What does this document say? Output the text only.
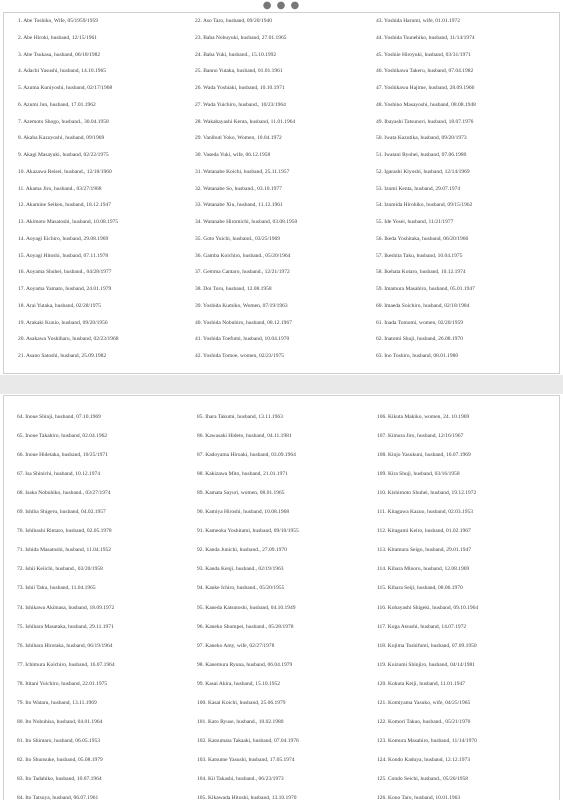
● ● ●
1. Abe Toshiko, Wife, 05/1959/1959
2. Abe Hiroki, husband, 12/15/1961
3. Abe Tsukasa, husband, 06/18/1982
4. Adachi Yasushi, husband, 14.10.1965
5. Azuma Kuniyoshi, husband, 02/17/1968
6. Azumi Jun, husband, 17.01.1962
7. Azemoto Shogo, husband., 30.04.1958
8. Akaba Kazuyoshi, husband, 09/1969
9. Akagi Masayuki, husband, 02/22/1975
10. Akazawa Reisei, husband., 12/18/1960
11. Akama Jiro, husband., 03/27/1968
12. Akamine Seiken, husband, 18.12.1947
13. Akimoto Masatoshi, husband, 10.08.1975
14. Aoyagi Eichiro, husband, 29.08.1969
15. Aoyagi Hitoshi, husband, 07.11.1978
16. Aoyama Shuhei, husband., 04/28/1977
17. Aoyama Yamato, husband, 24.01.1979
18. Arai Yutaka, husband, 02/28/1975
19. Arakaki Kunio, husband, 09/20/1956
20. Asakawa Yoshiharu, husband, 02/23/1968
21. Asano Satoshi, husband, 25.09.1982
22. Aso Taro, husband, 09/20/1940
23. Baba Nobuyuki, husband, 27.01.1965
24. Baba Yuki, husband., 15.10.1992
25. Banno Yutaka, husband, 01.01.1961
26. Wada Yoshiaki, husband, 10.10.1971
27. Wada Yuichiro, husband., 10/23/1964
28. Wakabayashi Kenta, husband, 11.01.1964
29. Vanibuti Yoko, Women, 10.04.1972
30. Vaseda Yuki, wife, 06.12.1958
31. Watanabe Koichi, husband, 25.11.1957
32. Watanabe So, husband., 03.10.1977
33. Watanabe Xiu, husband, 11.12.1961
34. Watanabe Hiromichi, husband, 03.08.1950
35. Goto Yuichi, husband., 03/25/1969
36. Gamba Koichiro, husband., 05/20/1964
37. Gemma Cantaro, husband., 12/21/1972
38. Doi Toru, husband, 12.08.1958
39. Yoshida Kumiko, Women, 07/19/1963
40. Yoshida Nobuhiro, husband, 08.12.1967
41. Yoshida Toefumi, husband, 10.04.1970
42. Yoshida Tomoe, women, 02/23/1975
43. Yoshida Harumi, wife, 01.01.1972
44. Yoshida Tsunehiko, husband, 11/14/1974
45. Yoshiie Hiroyuki, husband, 03/31/1971
46. Yoshikawa Takeru, husband, 07.04.1982
47. Yoshikawa Hajime, husband, 28.09.1966
48. Yoshino Masayoshi, husband, 08.08.1948
49. Ibayashi Tatsunori, husband, 18.07.1976
50. Iwata Kazutika, husband, 09/20/1973
51. Iwatani Ryohei, husband, 07.06.1980
52. Igarashi Kiyoshi, husband, 12/14/1969
53. Izumi Kenta, husband, 29.07.1974
54. Izumida Hirohiko, husband, 09/15/1962
55. Ide Yosei, husband, 11/21/1977
56. Ikeda Yoshitaka, husband, 06/20/1966
57. Ikeshita Taku, husband, 10.04.1975
58. Ikehata Kotaro, husband, 10.12.1974
59. Imamura Masahiro, husband, 05.01.1947
60. Imaeda Soichiro, husband, 02/18/1984
61. Inada Tomomi, women, 02/20/1959
62. Inatomi Shuji, husband, 26.08.1970
63. Ino Toshiro, husband, 08.01.1980
64. Inoue Shinji, husband, 07.10.1969
65. Inoue Takahiro, husband, 02.04.1962
66. Inoue Hidetaka, husband, 10/25/1971
67. Isa Shinichi, husband, 10.12.1974
68. Isaka Nobuhiko, husband., 03/27/1974
69. Ishiba Shigeru, husband, 04.02.1957
70. Ishibashi Rintaro, husband, 02.05.1978
71. Ishida Masatoshi, husband, 11.04.1952
72. Ishii Keiichi, husband., 03/20/1958
73. Ishii Taku, husband, 11.04.1965
74. Ishikawa Akimasa, husband, 18.09.1972
75. Ishihara Masataka, husband, 29.11.1971
76. Ishihara Hirotaka, husband, 06/19/1964
77. Ichimura Koichiro, husband, 16.07.1964
78. Ititani Yuichiro, husband, 22.01.1975
79. Ito Wataru, husband, 13.11.1969
80. Ito Nobuhisa, husband, 04.01.1964
81. Ito Shintaro, husband, 06.05.1953
82. Ito Shunsuke, husband, 05.08.1979
83. Ito Tadahiko, husband, 10.07.1964
84. Ito Tatsuya, husband, 06.07.1961
85. Ihara Takumi, husband, 13.11.1963
86. Kawasaki Hideto, husband, 04.11.1981
87. Kadoyama Hiroaki, husband, 03.09.1964
88. Kakizawa Mito, husband, 21.01.1971
89. Kamata Sayuri, women, 08.01.1965
90. Kamiya Hiroshi, husband, 10.08.1968
91. Kameoka Yoshitami, husband, 09/10/1955
92. Kanda Junichi, husband., 27.09.1970
93. Kanda Kenji, husband., 02/19/1963
94. Kanke Ichiro, husband., 05/20/1955
95. Kaneda Katsutoshi, husband, 04.10.1949
96. Kaneko Shumpei, husband., 05/28/1978
97. Kaneko Amy, wife, 02/27/1978
98. Kanemura Ryuna, husband, 06.04.1979
99. Kasai Akira, husband, 15.10.1952
100. Kasai Koichi, husband, 25.06.1979
101. Kato Ryuse, husband., 10.02.1980
102. Katsumata Takaaki, husband, 07.04.1976
103. Katsume Yasushi, husband, 17.05.1974
104. Kii Takashi, husband., 06/23/1973
105. Kikawada Hitoshi, husband, 13.10.1970
106. Kikuta Makiko, women, 24. 10.1969
107. Kimura Jiro, husband, 12/16/1967
108. Kinjo Yasukuni, husband, 16.07.1969
109. Kira Shuji, husband, 03/16/1958
110. Kishimoto Shuhei, husband, 19.12.1972
111. Kitagawa Kazuo, husband, 02.03.1953
112. Kitagami Keiro, husband, 01.02.1967
113. Kitamura Seigo, husband, 29.01.1947
114. Kihara Minoru, husband, 12.08.1969
115. Kihara Seiji, husband, 08.06.1970
116. Kobayashi Shigeki, husband, 09.10.1964
117. Koga Atsushi, husband, 14.07.1972
118. Kojima Toshifumi, husband, 07.09.1950
119. Koizumi Shinjiro, husband, 04/14/1981
120. Kokuta Keiji, husband, 11.01.1947
121. Komiyama Yasuko, wife, 04/25/1965
122. Komori Takuo, husband., 05/21/1970
123. Komura Masahiro, husband, 11/14/1970
124. Kondo Kaduya, husband, 12.12.1973
125. Condo Seichi, husband., 05/26/1958
126. Kono Taro, husband, 10.01.1963
